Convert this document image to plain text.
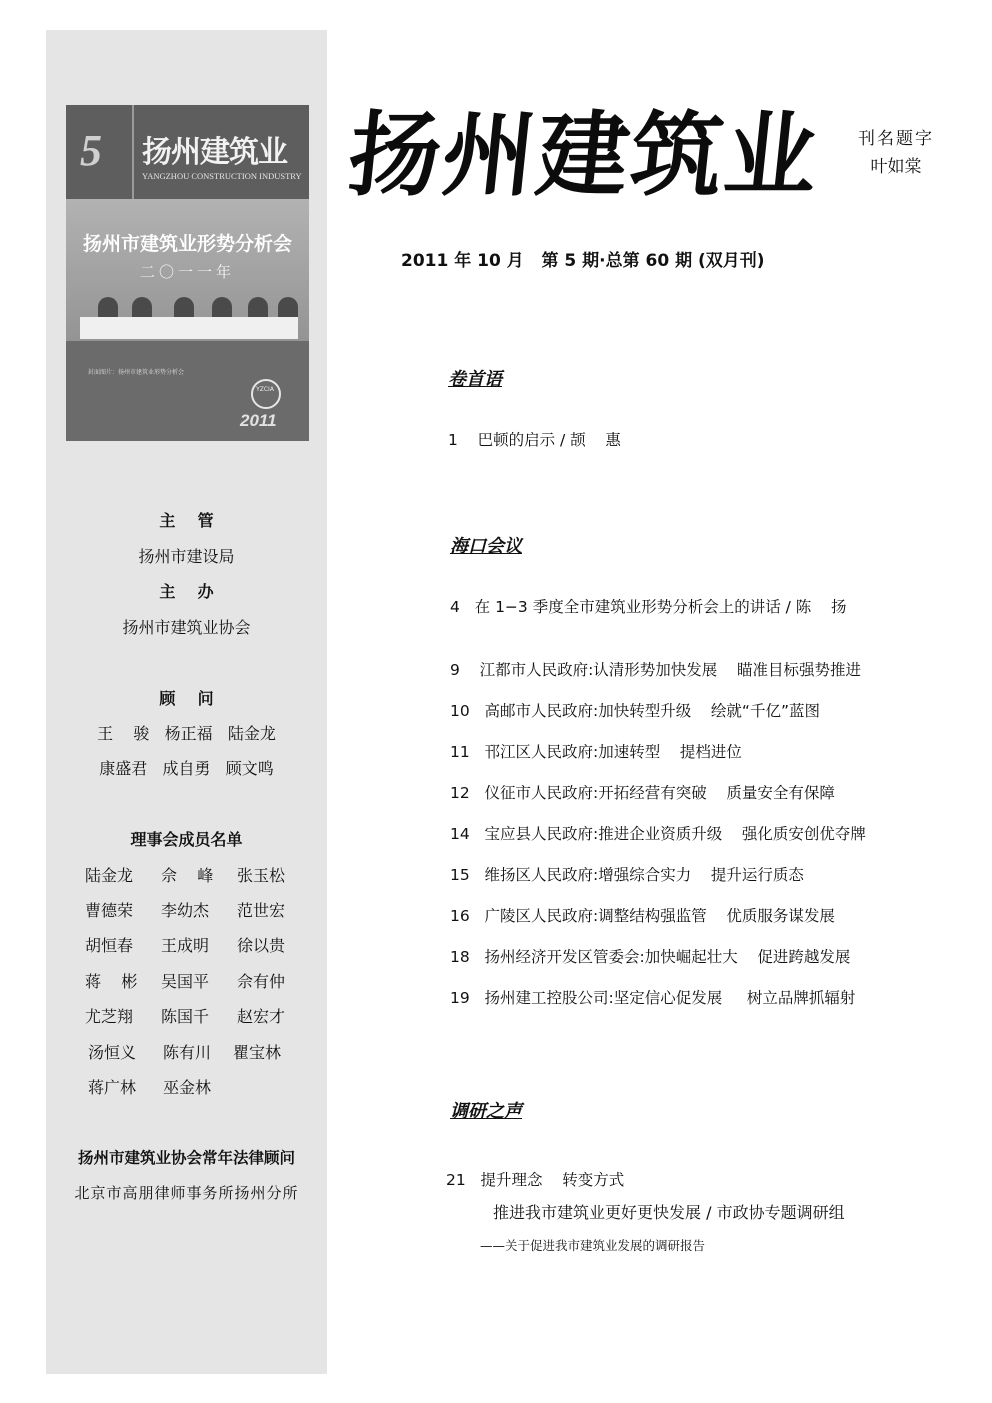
5	扬州建筑业
YANGZHOU CONSTRUCTION INDUSTRY
扬州市建筑业形势分析会
二〇一一年
封面图片：扬州市建筑业形势分析会
YZCIA
2011
主    管
扬州市建设局
主    办
扬州市建筑业协会
顾    问
王    骏   杨正福   陆金龙
康盛君   成自勇   顾文鸣
理事会成员名单
陆金龙 佘    峰 张玉松
曹德荣 李幼杰 范世宏
胡恒春 王成明 徐以贵
蒋    彬 吴国平 佘有仲
尤芝翔 陈国千 赵宏才
汤恒义 陈有川 瞿宝林
蒋广林 巫金林
扬州市建筑业协会常年法律顾问
北京市高朋律师事务所扬州分所
扬州建筑业	刊名题字
叶如棠
2011 年 10 月   第 5 期·总第 60 期 (双月刊)
卷首语
1    巴顿的启示 / 颉    惠
海口会议
4   在 1−3 季度全市建筑业形势分析会上的讲话 / 陈    扬
9    江都市人民政府:认清形势加快发展    瞄准目标强势推进
10   高邮市人民政府:加快转型升级    绘就“千亿”蓝图
11   邗江区人民政府:加速转型    提档进位
12   仪征市人民政府:开拓经营有突破    质量安全有保障
14   宝应县人民政府:推进企业资质升级    强化质安创优夺牌
15   维扬区人民政府:增强综合实力    提升运行质态
16   广陵区人民政府:调整结构强监管    优质服务谋发展
18   扬州经济开发区管委会:加快崛起壮大    促进跨越发展
19   扬州建工控股公司:坚定信心促发展     树立品牌抓辐射
调研之声
21   提升理念    转变方式
推进我市建筑业更好更快发展 / 市政协专题调研组
——关于促进我市建筑业发展的调研报告
